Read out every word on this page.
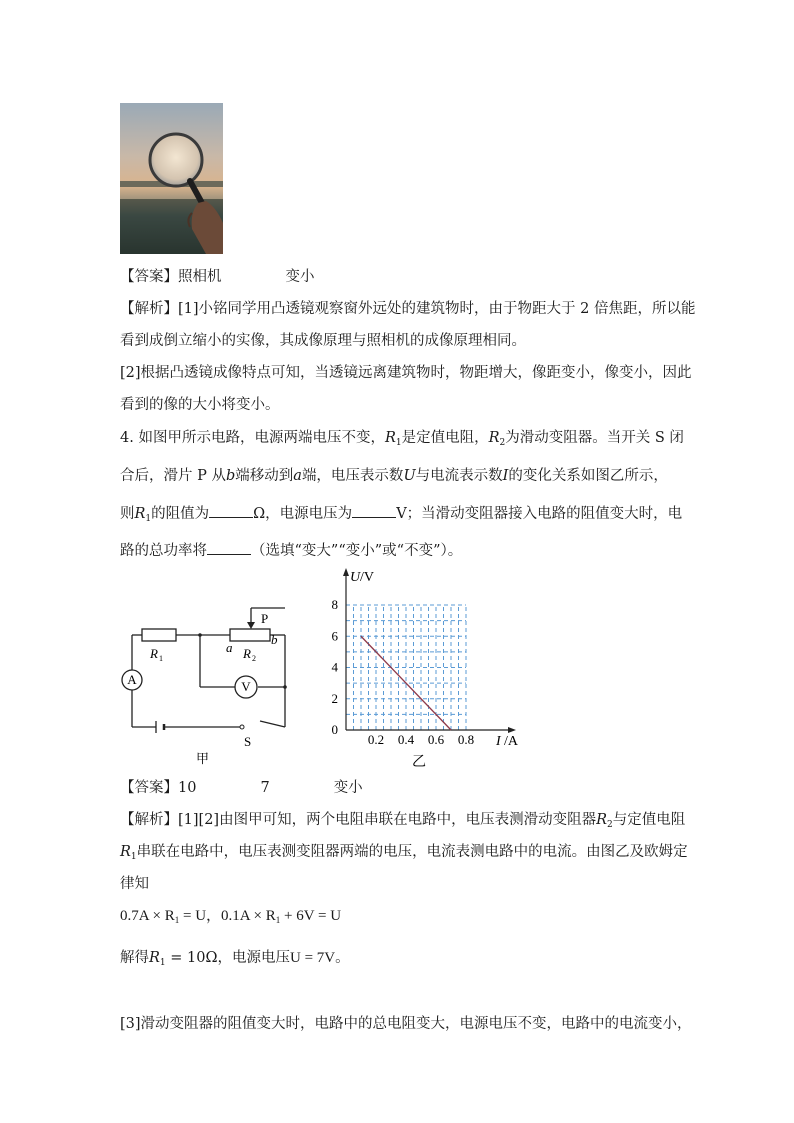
【答案】照相机	变小
【解析】[1]小铭同学用凸透镜观察窗外远处的建筑物时，由于物距大于 2 倍焦距，所以能
看到成倒立缩小的实像，其成像原理与照相机的成像原理相同。
[2]根据凸透镜成像特点可知，当透镜远离建筑物时，物距增大，像距变小，像变小，因此
看到的像的大小将变小。
4. 如图甲所示电路，电源两端电压不变，$R_1$是定值电阻，$R_2$为滑动变阻器。当开关 S 闭
合后，滑片 P 从b端移动到a端，电压表示数U与电流表示数I的变化关系如图乙所示，
则$R_1$的阻值为	Ω，电源电压为	V；当滑动变阻器接入电路的阻值变大时，电
路的总功率将	（选填“变大”“变小”或“不变”）。
A	V
R 1
a R 2
b
P
S
甲
0.2 0.4 0.6 0.8
0
2
4
6
8
U /V
I /A
乙
【答案】10	7	变小
【解析】[1][2]由图甲可知，两个电阻串联在电路中，电压表测滑动变阻器$R_2$与定值电阻
$R_1$串联在电路中，电压表测变阻器两端的电压，电流表测电路中的电流。由图乙及欧姆定
律知
$0.7A \times R_1 = U$，$0.1A \times R_1 + 6V = U$
解得$R_1 = 10\Omega$，电源电压U = 7V。
[3]滑动变阻器的阻值变大时，电路中的总电阻变大，电源电压不变，电路中的电流变小，
